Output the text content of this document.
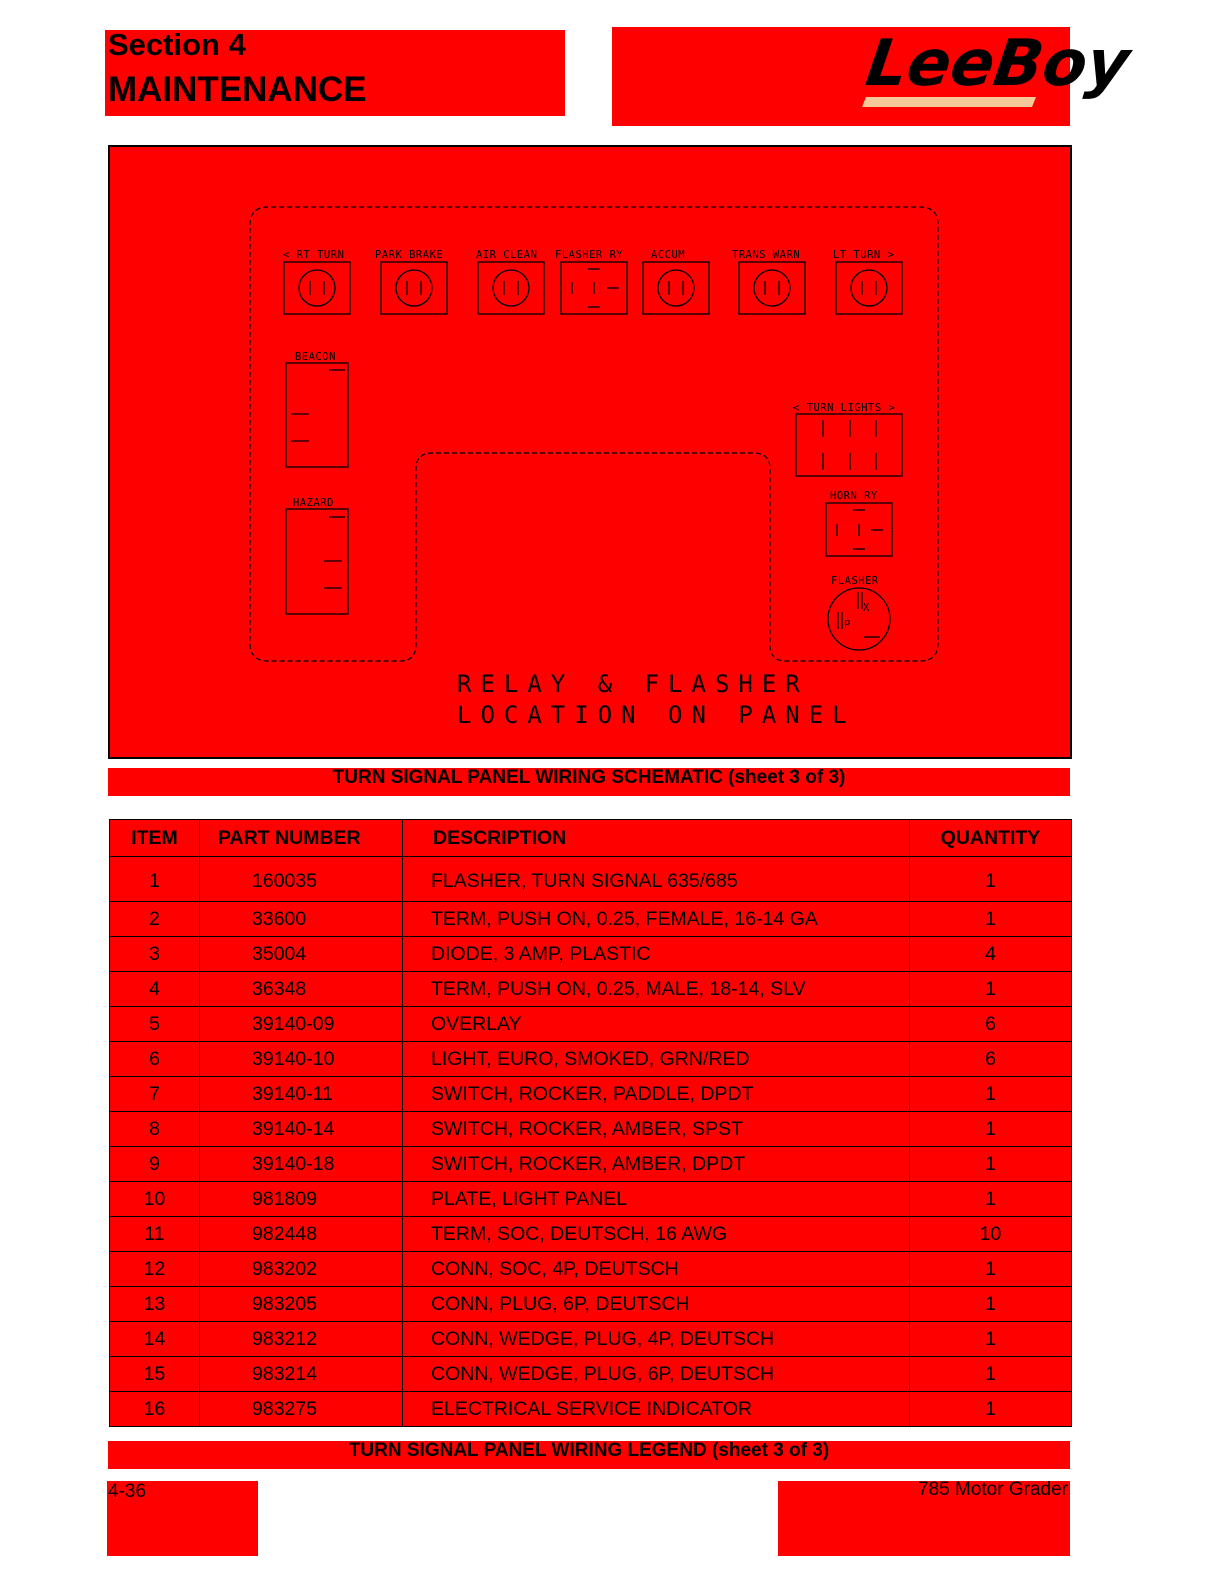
Section 4
MAINTENANCE	LeeBoy
< RT TURN	PARK BRAKE	AIR CLEAN FLASHER RY	ACCUM	TRANS WARN	LT TURN >
BEACON
HAZARD
< TURN LIGHTS >
HORN RY
FLASHER
X
P
RELAY & FLASHER
LOCATION ON PANEL
TURN SIGNAL PANEL WIRING SCHEMATIC (sheet 3 of 3)
ITEM	PART NUMBER	DESCRIPTION	QUANTITY
1	160035	FLASHER, TURN SIGNAL 635/685	1
2	33600	TERM, PUSH ON, 0.25, FEMALE, 16-14 GA	1
3	35004	DIODE, 3 AMP, PLASTIC	4
4	36348	TERM, PUSH ON, 0.25, MALE, 18-14, SLV	1
5	39140-09	OVERLAY	6
6	39140-10	LIGHT, EURO, SMOKED, GRN/RED	6
7	39140-11	SWITCH, ROCKER, PADDLE, DPDT	1
8	39140-14	SWITCH, ROCKER, AMBER, SPST	1
9	39140-18	SWITCH, ROCKER, AMBER, DPDT	1
10	981809	PLATE, LIGHT PANEL	1
11	982448	TERM, SOC, DEUTSCH, 16 AWG	10
12	983202	CONN, SOC, 4P, DEUTSCH	1
13	983205	CONN, PLUG, 6P, DEUTSCH	1
14	983212	CONN, WEDGE, PLUG, 4P, DEUTSCH	1
15	983214	CONN, WEDGE, PLUG, 6P, DEUTSCH	1
16	983275	ELECTRICAL SERVICE INDICATOR	1
TURN SIGNAL PANEL WIRING LEGEND (sheet 3 of 3)
4-36	785 Motor Grader
